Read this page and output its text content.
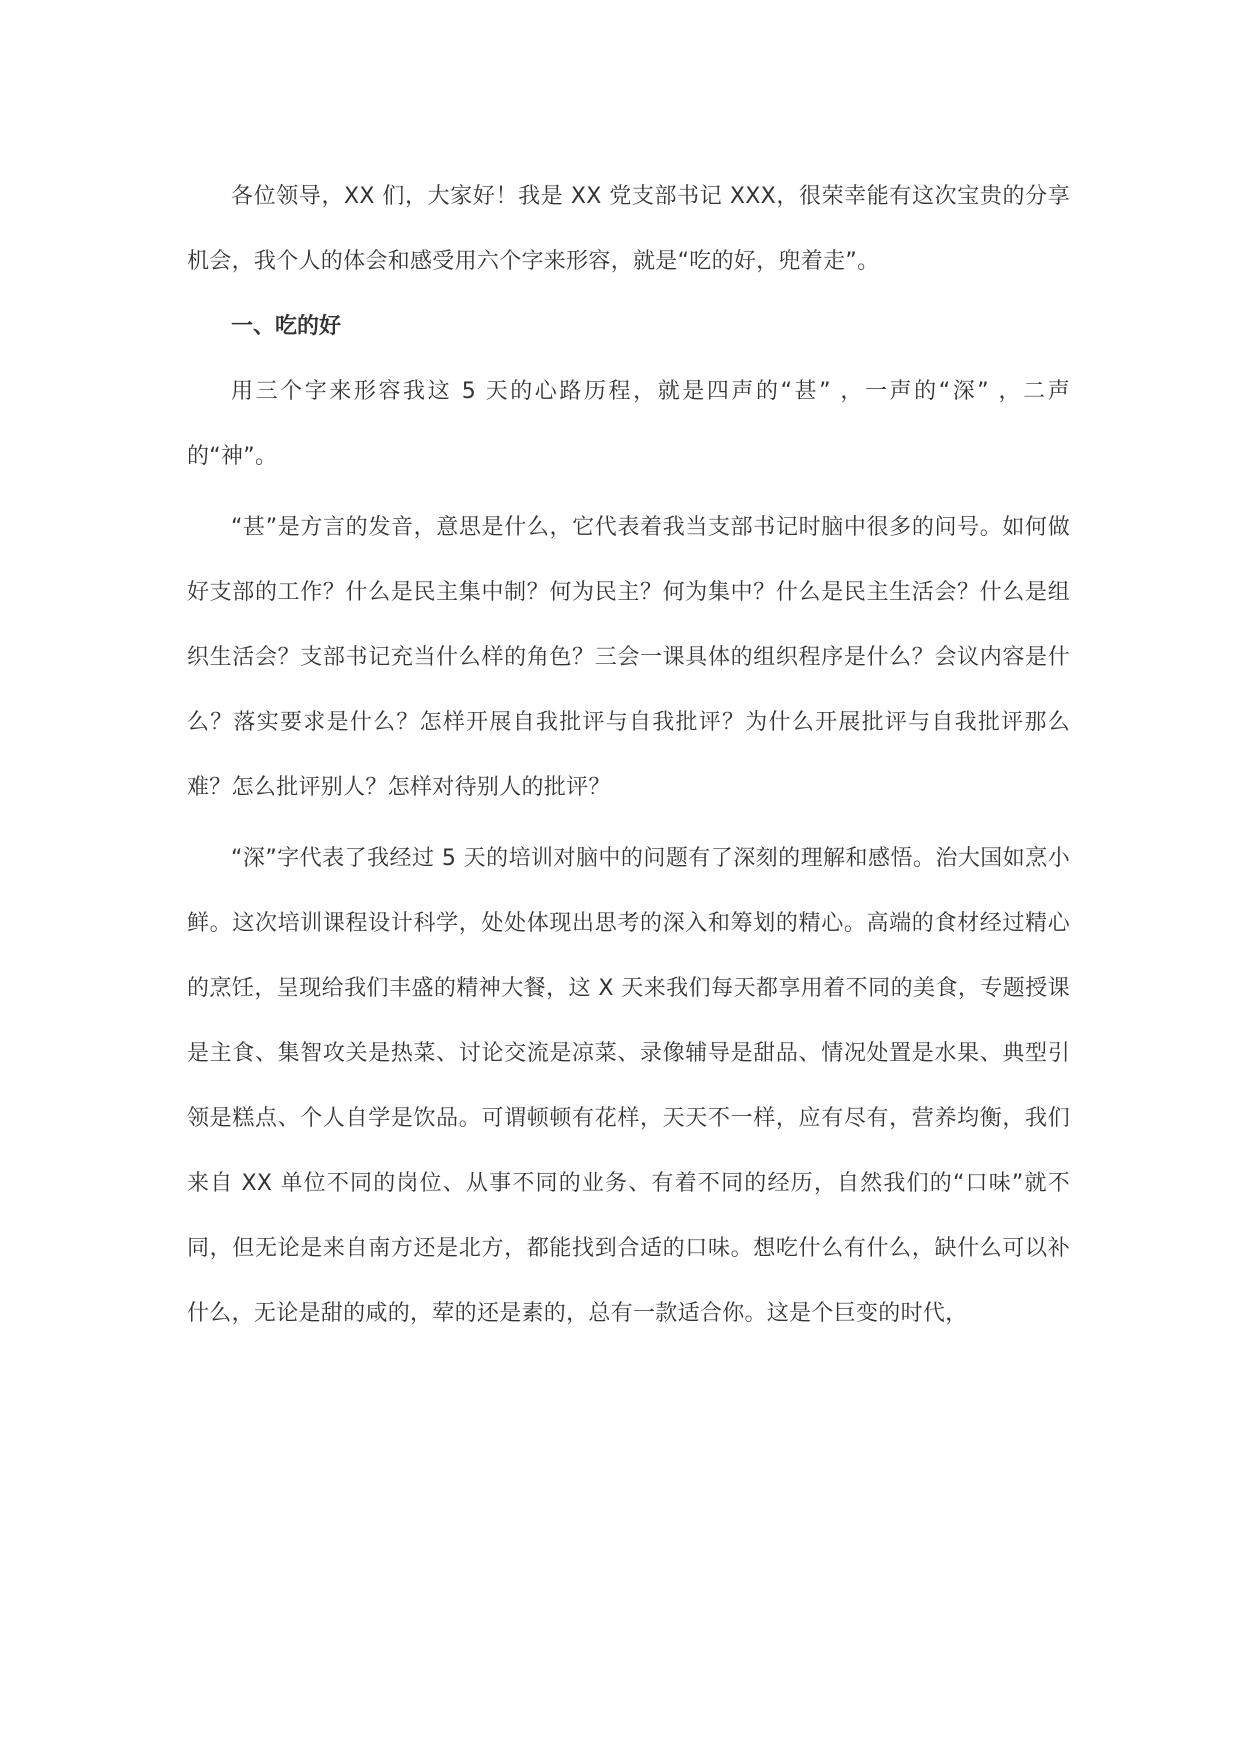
各位领导，XX 们，大家好！我是 XX 党支部书记 XXX，很荣幸能有这次宝贵的分享机会，我个人的体会和感受用六个字来形容，就是“吃的好，兜着走”。

一、吃的好

用三个字来形容我这 5 天的心路历程，就是四声的“甚” ，一声的“深” ，二声的“神”。

“甚”是方言的发音，意思是什么，它代表着我当支部书记时脑中很多的问号。如何做好支部的工作？什么是民主集中制？何为民主？何为集中？什么是民主生活会？什么是组织生活会？支部书记充当什么样的角色？三会一课具体的组织程序是什么？会议内容是什么？落实要求是什么？怎样开展自我批评与自我批评？为什么开展批评与自我批评那么难？怎么批评别人？怎样对待别人的批评？

“深”字代表了我经过 5 天的培训对脑中的问题有了深刻的理解和感悟。治大国如烹小鲜。这次培训课程设计科学，处处体现出思考的深入和筹划的精心。高端的食材经过精心的烹饪，呈现给我们丰盛的精神大餐，这 X 天来我们每天都享用着不同的美食，专题授课是主食、集智攻关是热菜、讨论交流是凉菜、录像辅导是甜品、情况处置是水果、典型引领是糕点、个人自学是饮品。可谓顿顿有花样，天天不一样，应有尽有，营养均衡，我们来自 XX 单位不同的岗位、从事不同的业务、有着不同的经历，自然我们的“口味”就不同，但无论是来自南方还是北方，都能找到合适的口味。想吃什么有什么，缺什么可以补什么，无论是甜的咸的，荤的还是素的，总有一款适合你。这是个巨变的时代，
